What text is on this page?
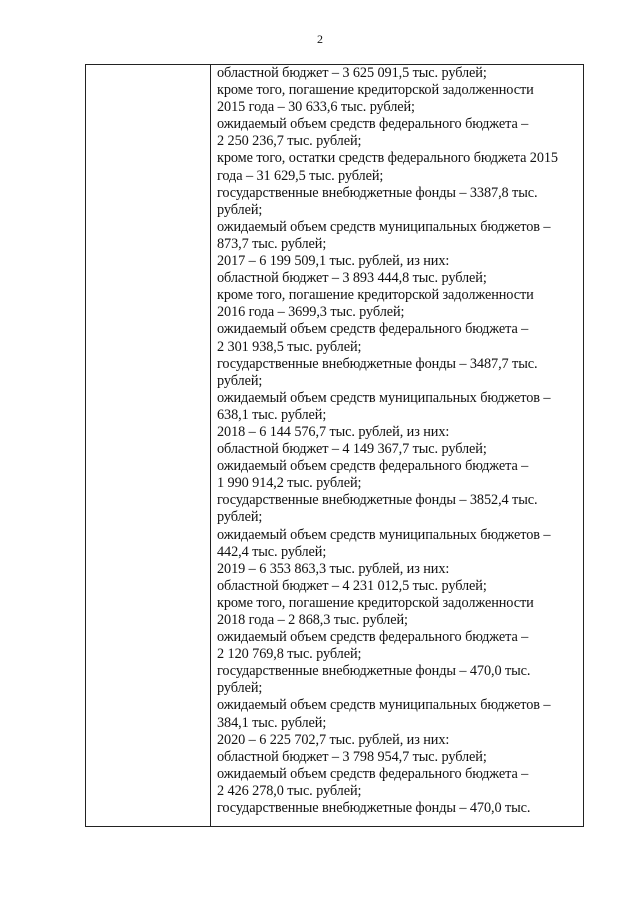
2
областной бюджет – 3 625 091,5 тыс. рублей;
кроме того, погашение кредиторской задолженности
2015 года – 30 633,6 тыс. рублей;
ожидаемый объем средств федерального бюджета –
2 250 236,7 тыс. рублей;
кроме того, остатки средств федерального бюджета 2015
года – 31 629,5 тыс. рублей;
государственные внебюджетные фонды – 3387,8 тыс.
рублей;
ожидаемый объем средств муниципальных бюджетов –
873,7 тыс. рублей;
2017 – 6 199 509,1 тыс. рублей, из них:
областной бюджет – 3 893 444,8 тыс. рублей;
кроме того, погашение кредиторской задолженности
2016 года – 3699,3 тыс. рублей;
ожидаемый объем средств федерального бюджета –
2 301 938,5 тыс. рублей;
государственные внебюджетные фонды – 3487,7 тыс.
рублей;
ожидаемый объем средств муниципальных бюджетов –
638,1 тыс. рублей;
2018 – 6 144 576,7 тыс. рублей, из них:
областной бюджет – 4 149 367,7 тыс. рублей;
ожидаемый объем средств федерального бюджета –
1 990 914,2 тыс. рублей;
государственные внебюджетные фонды – 3852,4 тыс.
рублей;
ожидаемый объем средств муниципальных бюджетов –
442,4 тыс. рублей;
2019 – 6 353 863,3 тыс. рублей, из них:
областной бюджет – 4 231 012,5 тыс. рублей;
кроме того, погашение кредиторской задолженности
2018 года – 2 868,3 тыс. рублей;
ожидаемый объем средств федерального бюджета –
2 120 769,8 тыс. рублей;
государственные внебюджетные фонды – 470,0 тыс.
рублей;
ожидаемый объем средств муниципальных бюджетов –
384,1 тыс. рублей;
2020 – 6 225 702,7 тыс. рублей, из них:
областной бюджет – 3 798 954,7 тыс. рублей;
ожидаемый объем средств федерального бюджета –
2 426 278,0 тыс. рублей;
государственные внебюджетные фонды – 470,0 тыс.
